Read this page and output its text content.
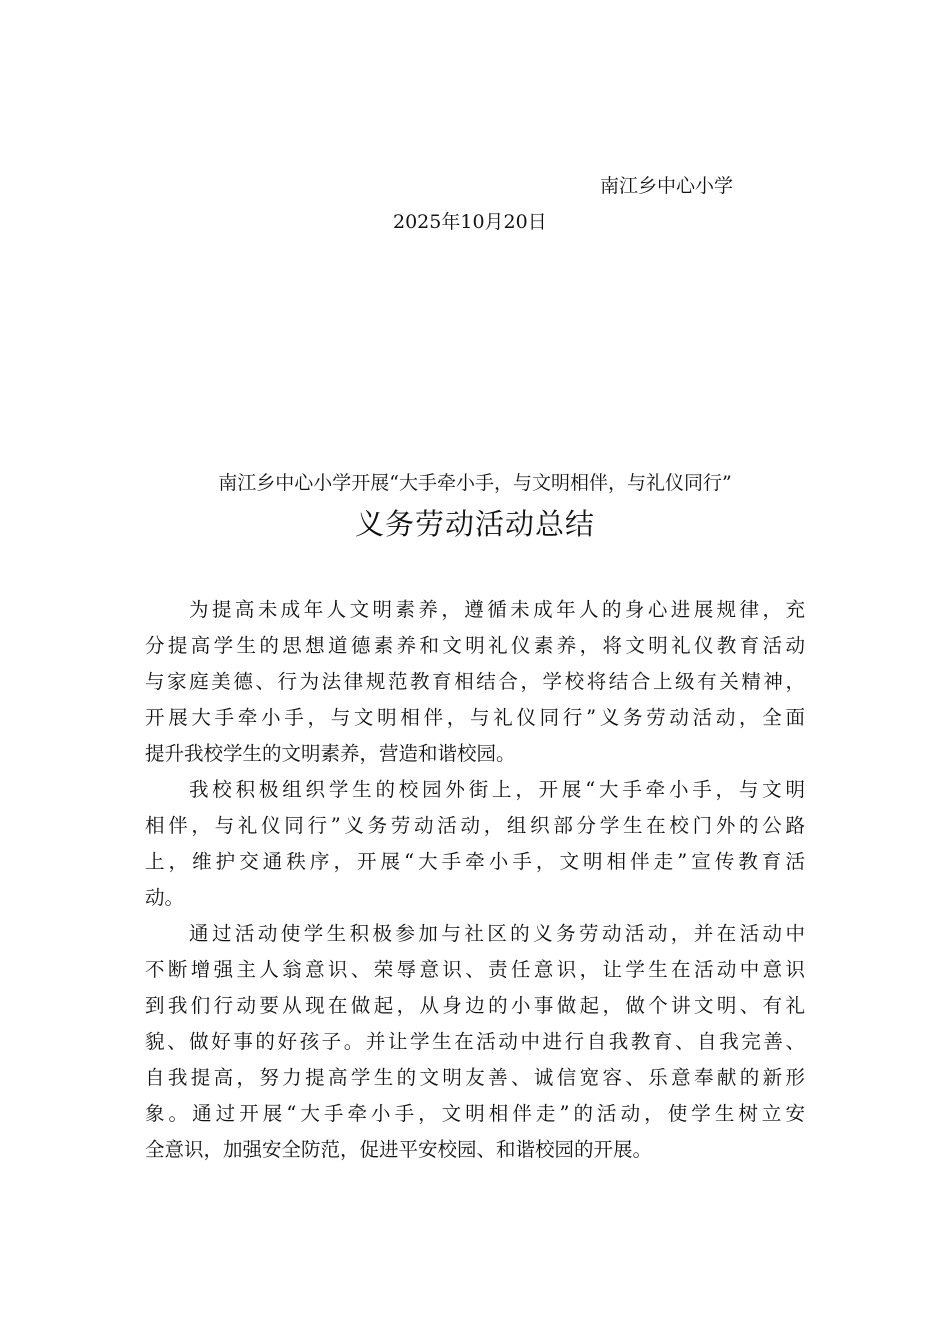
南江乡中心小学
2025年10月20日
南江乡中心小学开展“大手牵小手，与文明相伴，与礼仪同行”
义务劳动活动总结
为提高未成年人文明素养，遵循未成年人的身心进展规律，充
分提高学生的思想道德素养和文明礼仪素养，将文明礼仪教育活动
与家庭美德、行为法律规范教育相结合，学校将结合上级有关精神，
开展大手牵小手，与文明相伴，与礼仪同行”义务劳动活动，全面
提升我校学生的文明素养，营造和谐校园。
我校积极组织学生的校园外街上，开展“大手牵小手，与文明
相伴，与礼仪同行”义务劳动活动，组织部分学生在校门外的公路
上，维护交通秩序，开展“大手牵小手，文明相伴走”宣传教育活
动。
通过活动使学生积极参加与社区的义务劳动活动，并在活动中
不断增强主人翁意识、荣辱意识、责任意识，让学生在活动中意识
到我们行动要从现在做起，从身边的小事做起，做个讲文明、有礼
貌、做好事的好孩子。并让学生在活动中进行自我教育、自我完善、
自我提高，努力提高学生的文明友善、诚信宽容、乐意奉献的新形
象。通过开展“大手牵小手，文明相伴走”的活动，使学生树立安
全意识，加强安全防范，促进平安校园、和谐校园的开展。
